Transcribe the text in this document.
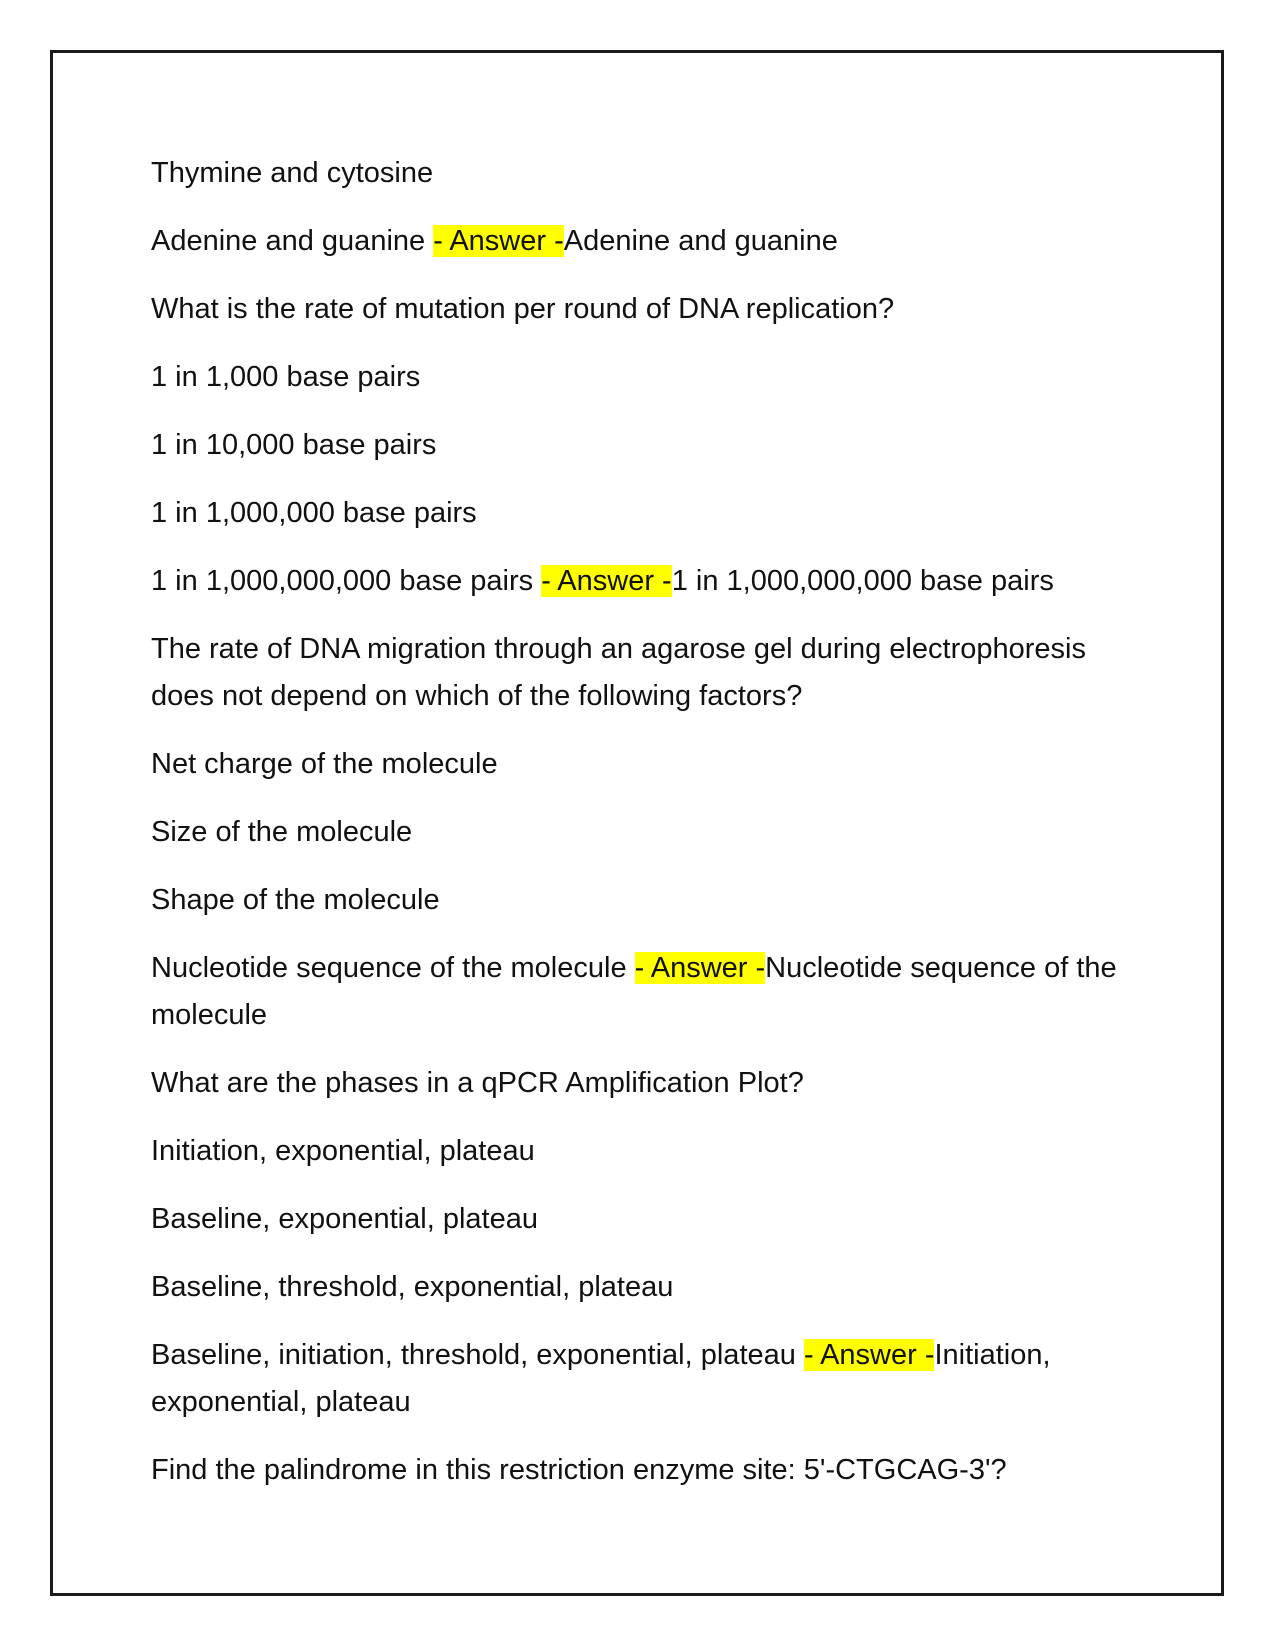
Thymine and cytosine

Adenine and guanine - Answer -Adenine and guanine

What is the rate of mutation per round of DNA replication?

1 in 1,000 base pairs

1 in 10,000 base pairs

1 in 1,000,000 base pairs

1 in 1,000,000,000 base pairs - Answer -1 in 1,000,000,000 base pairs

The rate of DNA migration through an agarose gel during electrophoresis does not depend on which of the following factors?

Net charge of the molecule

Size of the molecule

Shape of the molecule

Nucleotide sequence of the molecule - Answer -Nucleotide sequence of the molecule

What are the phases in a qPCR Amplification Plot?

Initiation, exponential, plateau

Baseline, exponential, plateau

Baseline, threshold, exponential, plateau

Baseline, initiation, threshold, exponential, plateau - Answer -Initiation, exponential, plateau

Find the palindrome in this restriction enzyme site: 5'-CTGCAG-3'?
